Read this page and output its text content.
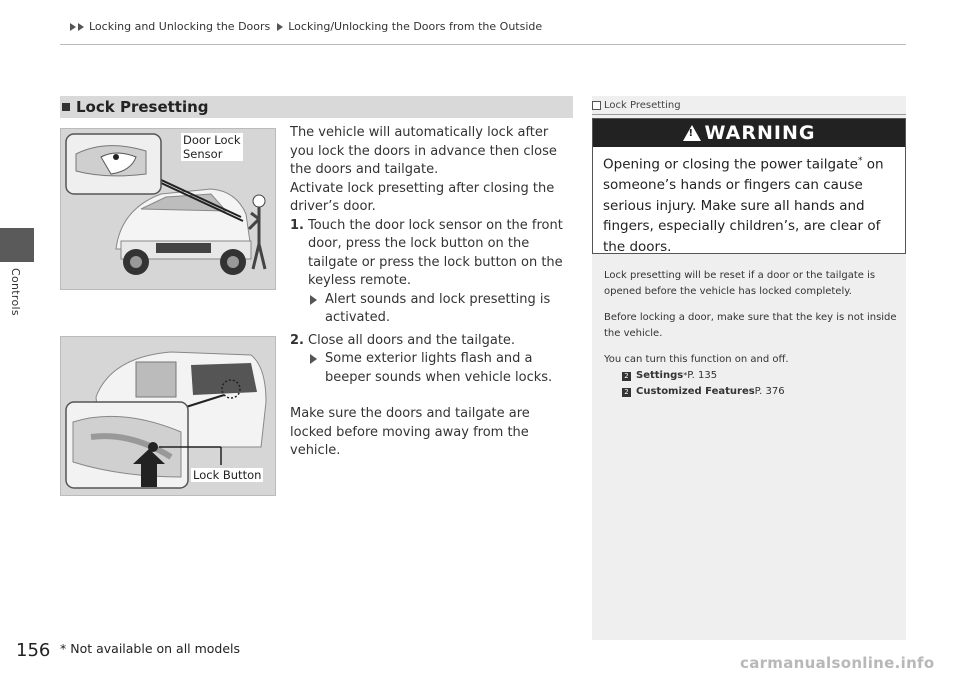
Controls
Locking and Unlocking the Doors Locking/Unlocking the Doors from the Outside
Lock Presetting
Door Lock
Sensor
Lock Button

The vehicle will automatically lock after you lock the doors in advance then close the doors and tailgate.

Activate lock presetting after closing the driver’s door.

1. Touch the door lock sensor on the front door, press the lock button on the tailgate or press the lock button on the keyless remote.
Alert sounds and lock presetting is activated.
2. Close all doors and the tailgate.
Some exterior lights flash and a beeper sounds when vehicle locks.

Make sure the doors and tailgate are locked before moving away from the vehicle.

Lock Presetting
! WARNING
Opening or closing the power tailgate* on someone’s hands or fingers can cause serious injury. Make sure all hands and fingers, especially children’s, are clear of the doors.

Lock presetting will be reset if a door or the tailgate is opened before the vehicle has locked completely.

Before locking a door, make sure that the key is not inside the vehicle.

You can turn this function on and off.

2 Settings * P. 135
2 Customized Features P. 376
156 * Not available on all models
carmanualsonline.info
